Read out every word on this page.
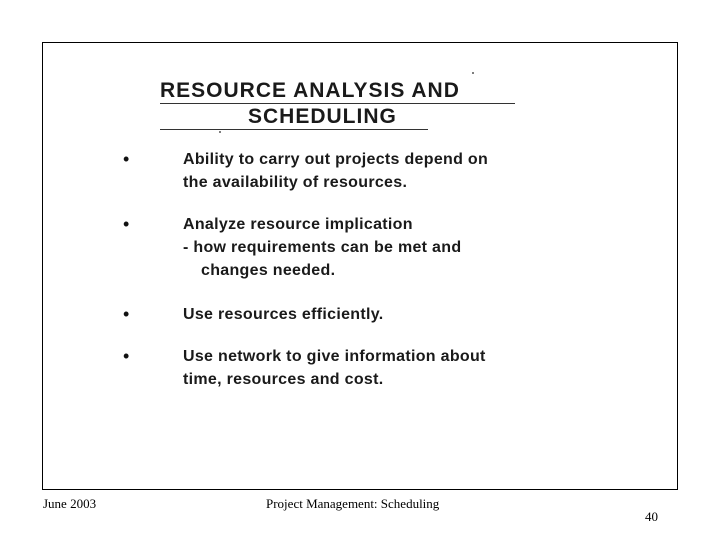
RESOURCE ANALYSIS AND
SCHEDULING
•	Ability to carry out projects depend on
the availability of resources.
•	Analyze resource implication
- how requirements can be met and
changes needed.
•	Use resources efficiently.
•	Use network to give information about
time, resources and cost.
June 2003	Project Management: Scheduling
40
